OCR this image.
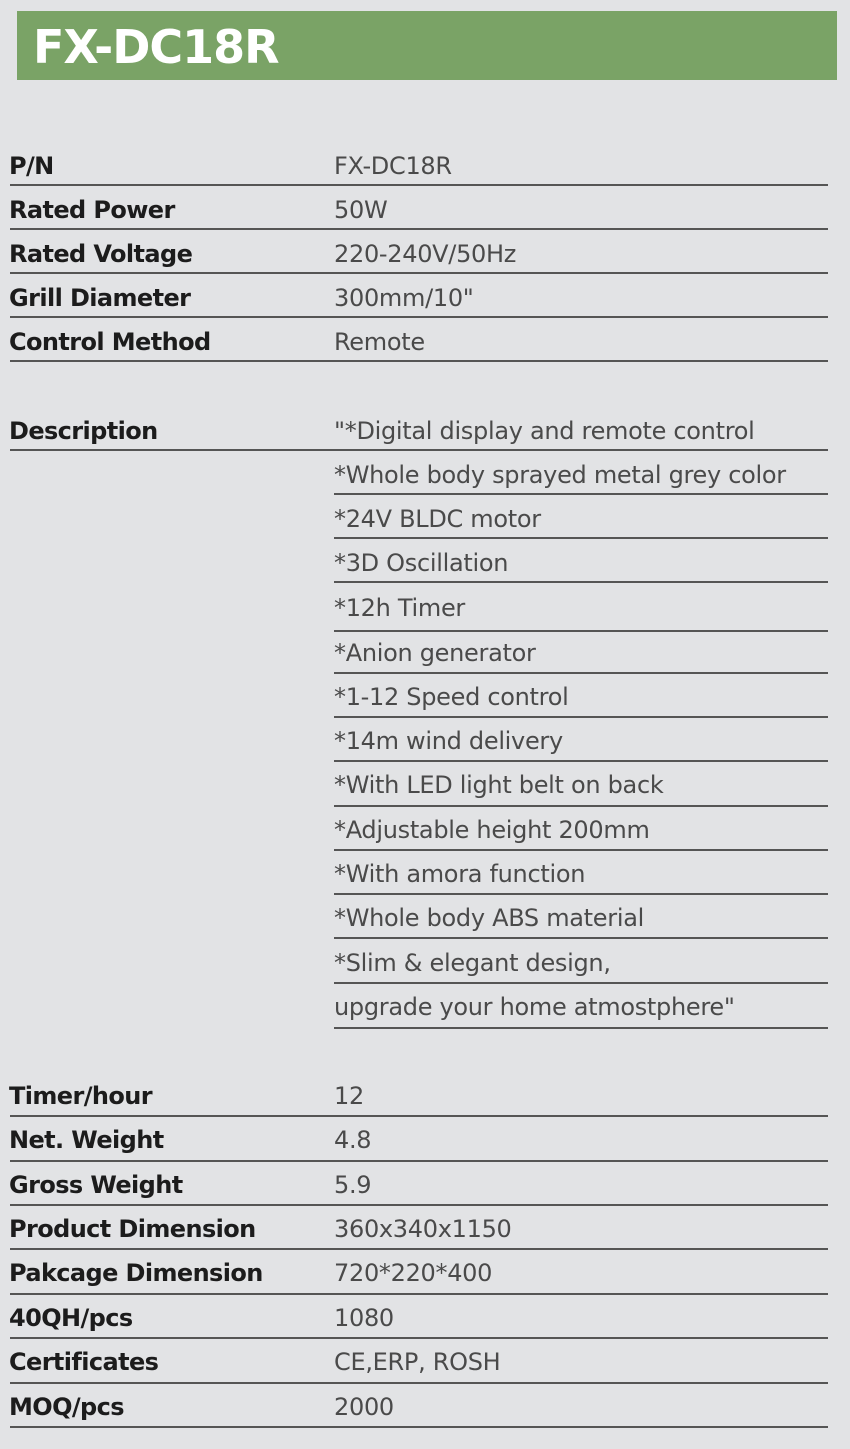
FX-DC18R
P/N	FX-DC18R
Rated Power	50W
Rated Voltage	220-240V/50Hz
Grill Diameter	300mm/10"
Control Method	Remote
Description	"*Digital display and remote control
*Whole body sprayed metal grey color
*24V BLDC motor
*3D Oscillation
*12h Timer
*Anion generator
*1-12 Speed control
*14m wind delivery
*With LED light belt on back
*Adjustable height 200mm
*With amora function
*Whole body ABS material
*Slim & elegant design,
upgrade your home atmostphere"
Timer/hour	12
Net. Weight	4.8
Gross Weight	5.9
Product Dimension	360x340x1150
Pakcage Dimension	720*220*400
40QH/pcs	1080
Certificates	CE,ERP, ROSH
MOQ/pcs	2000
